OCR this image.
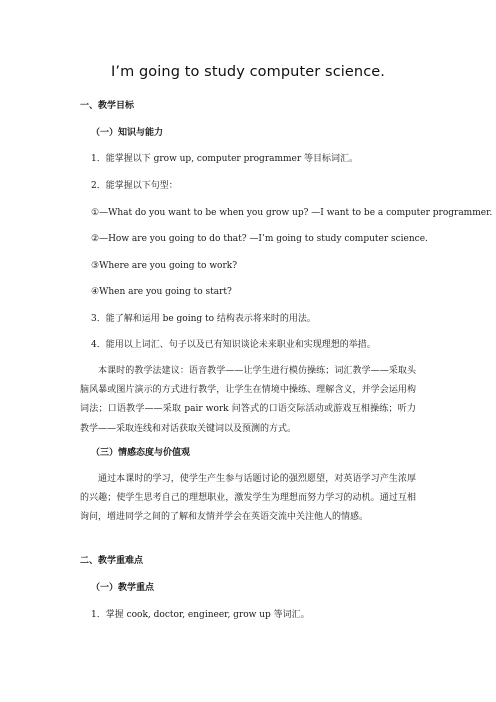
I’m going to study computer science.
一、教学目标
（一）知识与能力
1．能掌握以下 grow up, computer programmer 等目标词汇。
2．能掌握以下句型：
①—What do you want to be when you grow up? —I want to be a computer programmer.
②—How are you going to do that? —I’m going to study computer science.
③Where are you going to work?
④When are you going to start?
3．能了解和运用 be going to 结构表示将来时的用法。
4．能用以上词汇、句子以及已有知识谈论未来职业和实现理想的举措。
本课时的教学法建议：语音教学——让学生进行模仿操练；词汇教学——采取头脑风暴或图片演示的方式进行教学，让学生在情境中操练、理解含义，并学会运用构词法；口语教学——采取 pair work 问答式的口语交际活动或游戏互相操练；听力教学——采取连线和对话获取关键词以及预测的方式。
（三）情感态度与价值观
通过本课时的学习，使学生产生参与话题讨论的强烈愿望，对英语学习产生浓厚的兴趣；使学生思考自己的理想职业，激发学生为理想而努力学习的动机。通过互相询问，增进同学之间的了解和友情并学会在英语交流中关注他人的情感。
二、教学重难点
（一）教学重点
1．掌握 cook, doctor, engineer, grow up 等词汇。
